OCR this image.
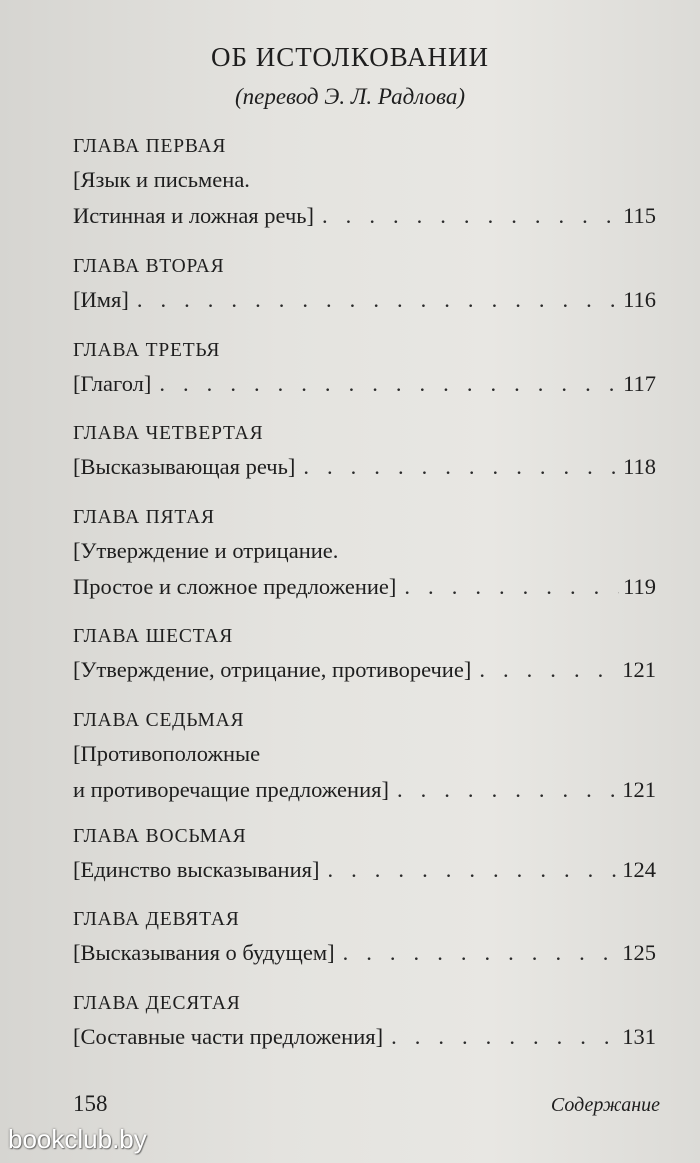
ОБ ИСТОЛКОВАНИИ
(перевод Э. Л. Радлова)
ГЛАВА ПЕРВАЯ
[Язык и письмена.
Истинная и ложная речь] . . .	115
ГЛАВА ВТОРАЯ
[Имя] . . .	116
ГЛАВА ТРЕТЬЯ
[Глагол] . . .	117
ГЛАВА ЧЕТВЕРТАЯ
[Высказывающая речь] . . .	118
ГЛАВА ПЯТАЯ
[Утверждение и отрицание.
Простое и сложное предложение] . . .	119
ГЛАВА ШЕСТАЯ
[Утверждение, отрицание, противоречие] . . .	121
ГЛАВА СЕДЬМАЯ
[Противоположные
и противоречащие предложения] . . .	121
ГЛАВА ВОСЬМАЯ
[Единство высказывания] . . .	124
ГЛАВА ДЕВЯТАЯ
[Высказывания о будущем] . . .	125
ГЛАВА ДЕСЯТАЯ
[Составные части предложения] . . .	131
158	Содержание
bookclub.by
